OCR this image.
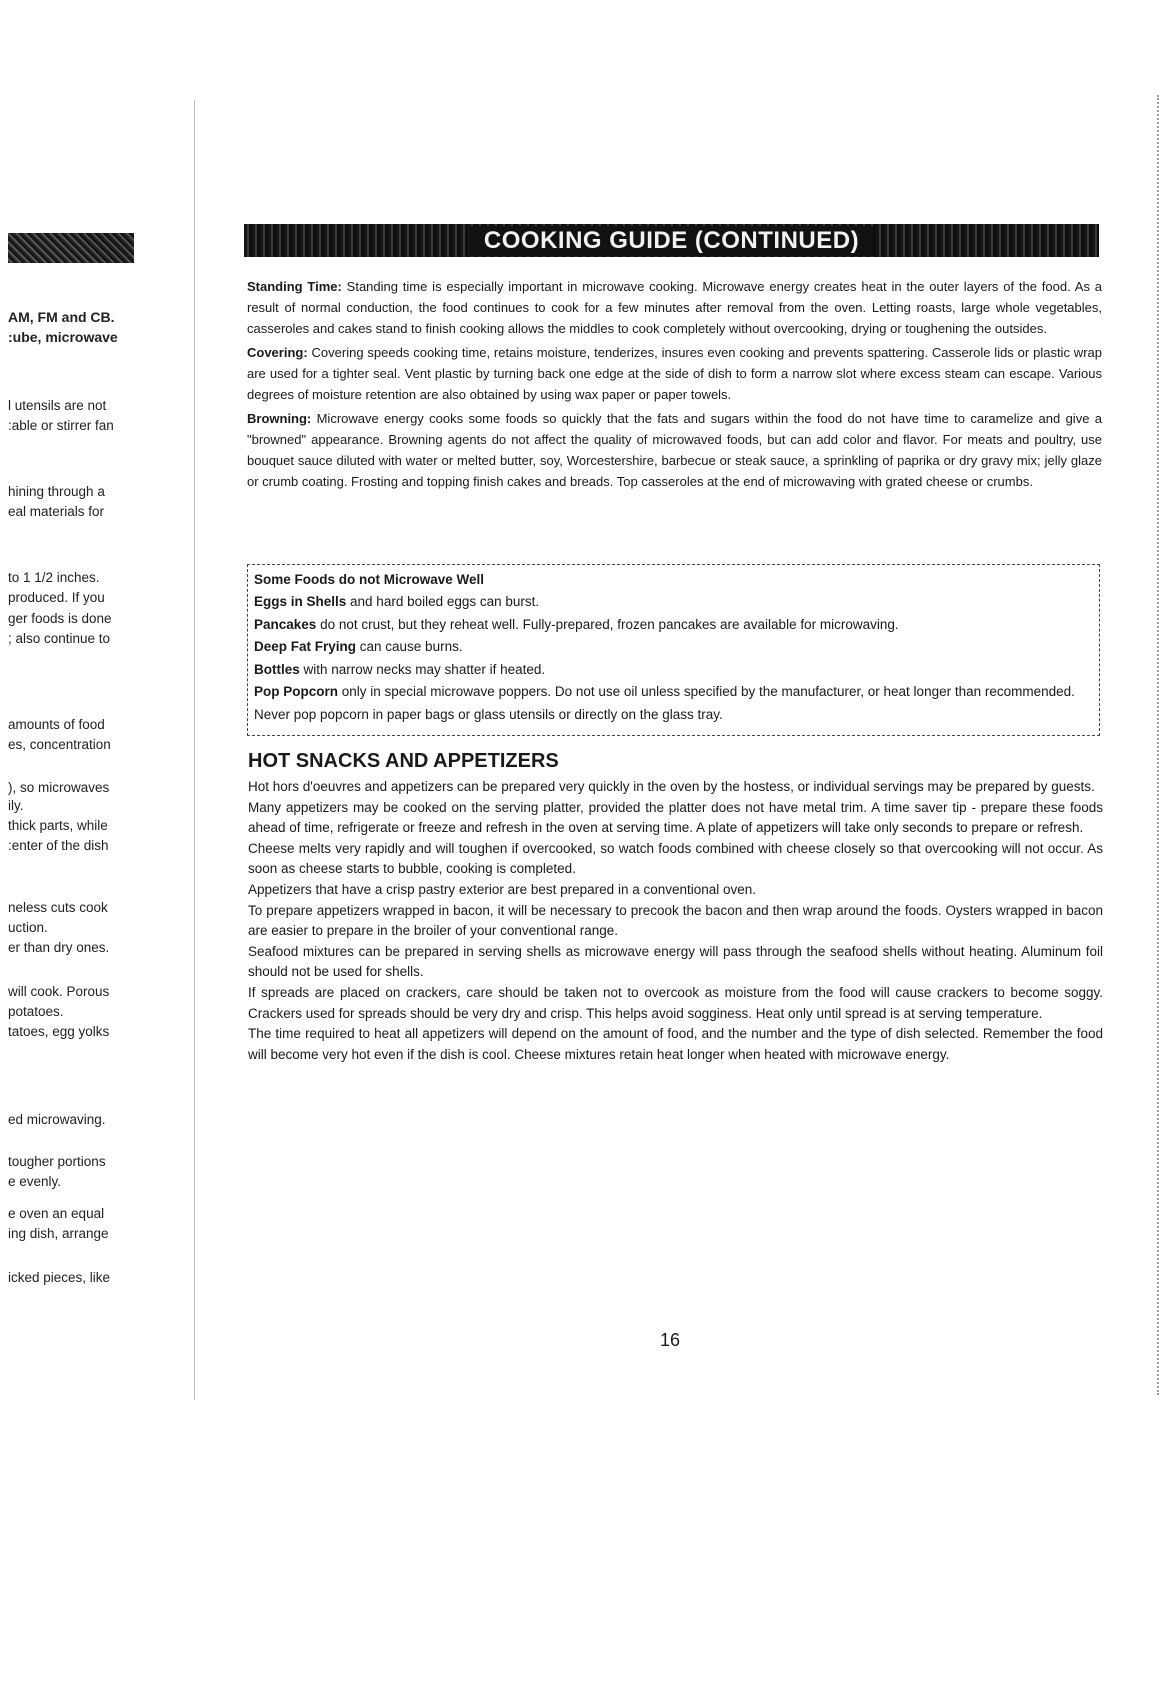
AM, FM and CB.
:ube, microwave
l utensils are not
:able or stirrer fan
hining through a
eal materials for
to 1 1/2 inches.
produced. If you
ger foods is done
; also continue to
amounts of food
es, concentration
), so microwaves
ily.
thick parts, while
:enter of the dish
neless cuts cook
uction.
er than dry ones.
will cook. Porous
potatoes.
tatoes, egg yolks
ed microwaving.
tougher portions
e evenly.
e oven an equal
ing dish, arrange
icked pieces, like
COOKING GUIDE (CONTINUED)

Standing Time: Standing time is especially important in microwave cooking. Microwave energy creates heat in the outer layers of the food. As a result of normal conduction, the food continues to cook for a few minutes after removal from the oven. Letting roasts, large whole vegetables, casseroles and cakes stand to finish cooking allows the middles to cook completely without overcooking, drying or toughening the outsides.

Covering: Covering speeds cooking time, retains moisture, tenderizes, insures even cooking and prevents spattering. Casserole lids or plastic wrap are used for a tighter seal. Vent plastic by turning back one edge at the side of dish to form a narrow slot where excess steam can escape. Various degrees of moisture retention are also obtained by using wax paper or paper towels.

Browning: Microwave energy cooks some foods so quickly that the fats and sugars within the food do not have time to caramelize and give a "browned" appearance. Browning agents do not affect the quality of microwaved foods, but can add color and flavor. For meats and poultry, use bouquet sauce diluted with water or melted butter, soy, Worcestershire, barbecue or steak sauce, a sprinkling of paprika or dry gravy mix; jelly glaze or crumb coating. Frosting and topping finish cakes and breads. Top casseroles at the end of microwaving with grated cheese or crumbs.

Some Foods do not Microwave Well
Eggs in Shells and hard boiled eggs can burst.
Pancakes do not crust, but they reheat well. Fully-prepared, frozen pancakes are available for microwaving.
Deep Fat Frying can cause burns.
Bottles with narrow necks may shatter if heated.
Pop Popcorn only in special microwave poppers. Do not use oil unless specified by the manufacturer, or heat longer than recommended. Never pop popcorn in paper bags or glass utensils or directly on the glass tray.
HOT SNACKS AND APPETIZERS

Hot hors d'oeuvres and appetizers can be prepared very quickly in the oven by the hostess, or individual servings may be prepared by guests.

Many appetizers may be cooked on the serving platter, provided the platter does not have metal trim. A time saver tip - prepare these foods ahead of time, refrigerate or freeze and refresh in the oven at serving time. A plate of appetizers will take only seconds to prepare or refresh.

Cheese melts very rapidly and will toughen if overcooked, so watch foods combined with cheese closely so that overcooking will not occur. As soon as cheese starts to bubble, cooking is completed.

Appetizers that have a crisp pastry exterior are best prepared in a conventional oven.

To prepare appetizers wrapped in bacon, it will be necessary to precook the bacon and then wrap around the foods. Oysters wrapped in bacon are easier to prepare in the broiler of your conventional range.

Seafood mixtures can be prepared in serving shells as microwave energy will pass through the seafood shells without heating. Aluminum foil should not be used for shells.

If spreads are placed on crackers, care should be taken not to overcook as moisture from the food will cause crackers to become soggy. Crackers used for spreads should be very dry and crisp. This helps avoid sogginess. Heat only until spread is at serving temperature.

The time required to heat all appetizers will depend on the amount of food, and the number and the type of dish selected. Remember the food will become very hot even if the dish is cool. Cheese mixtures retain heat longer when heated with microwave energy.

16
